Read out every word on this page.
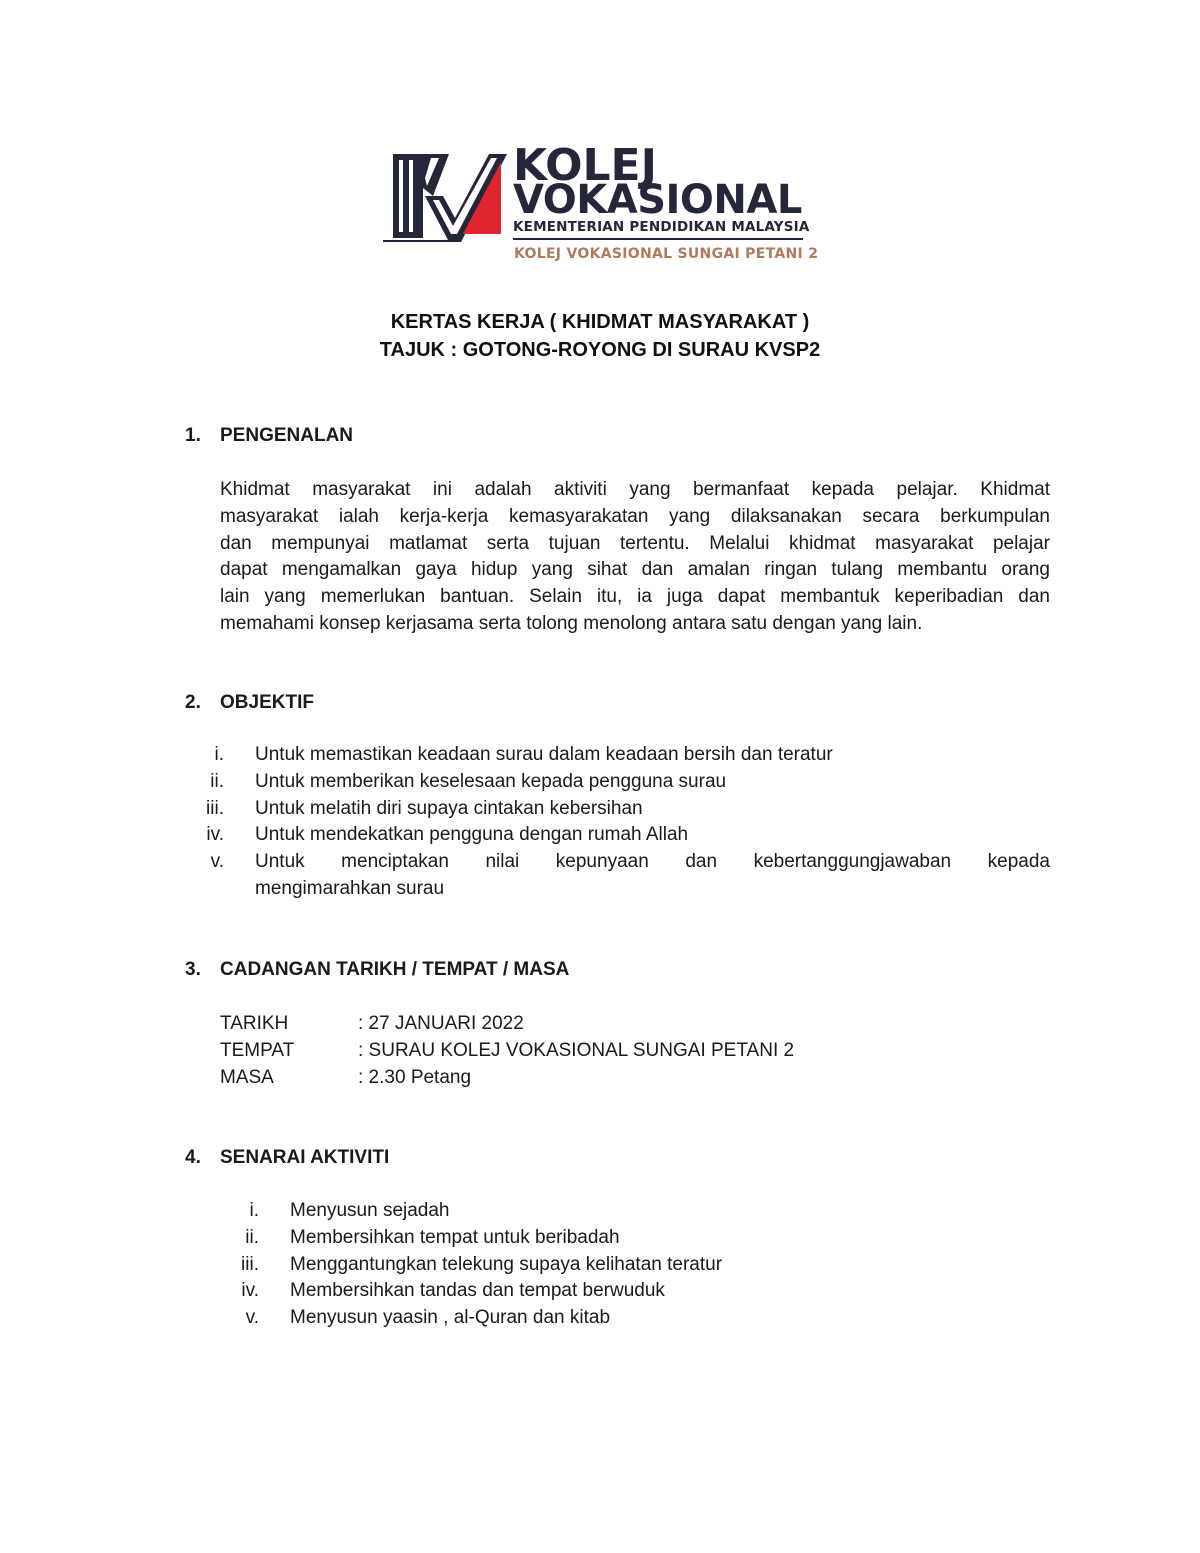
KOLEJ

VOKASIONAL

KEMENTERIAN PENDIDIKAN MALAYSIA

KOLEJ VOKASIONAL SUNGAI PETANI 2

KERTAS KERJA ( KHIDMAT MASYARAKAT )
TAJUK : GOTONG-ROYONG DI SURAU KVSP2
1. PENGENALAN

Khidmat masyarakat ini adalah aktiviti yang bermanfaat kepada pelajar. Khidmat
masyarakat ialah kerja-kerja kemasyarakatan yang dilaksanakan secara berkumpulan
dan mempunyai matlamat serta tujuan tertentu. Melalui khidmat masyarakat pelajar
dapat mengamalkan gaya hidup yang sihat dan amalan ringan tulang membantu orang
lain yang memerlukan bantuan. Selain itu, ia juga dapat membantuk keperibadian dan
memahami konsep kerjasama serta tolong menolong antara satu dengan yang lain.

2. OBJEKTIF
i. Untuk memastikan keadaan surau dalam keadaan bersih dan teratur
ii. Untuk memberikan keselesaan kepada pengguna surau
iii. Untuk melatih diri supaya cintakan kebersihan
iv. Untuk mendekatkan pengguna dengan rumah Allah
v. Untuk menciptakan nilai kepunyaan dan kebertanggungjawaban kepada
mengimarahkan surau
3. CADANGAN TARIKH / TEMPAT / MASA
TARIKH	: 27 JANUARI 2022
TEMPAT	: SURAU KOLEJ VOKASIONAL SUNGAI PETANI 2
MASA	: 2.30 Petang
4. SENARAI AKTIVITI
i. Menyusun sejadah
ii. Membersihkan tempat untuk beribadah
iii. Menggantungkan telekung supaya kelihatan teratur
iv. Membersihkan tandas dan tempat berwuduk
v. Menyusun yaasin , al-Quran dan kitab
